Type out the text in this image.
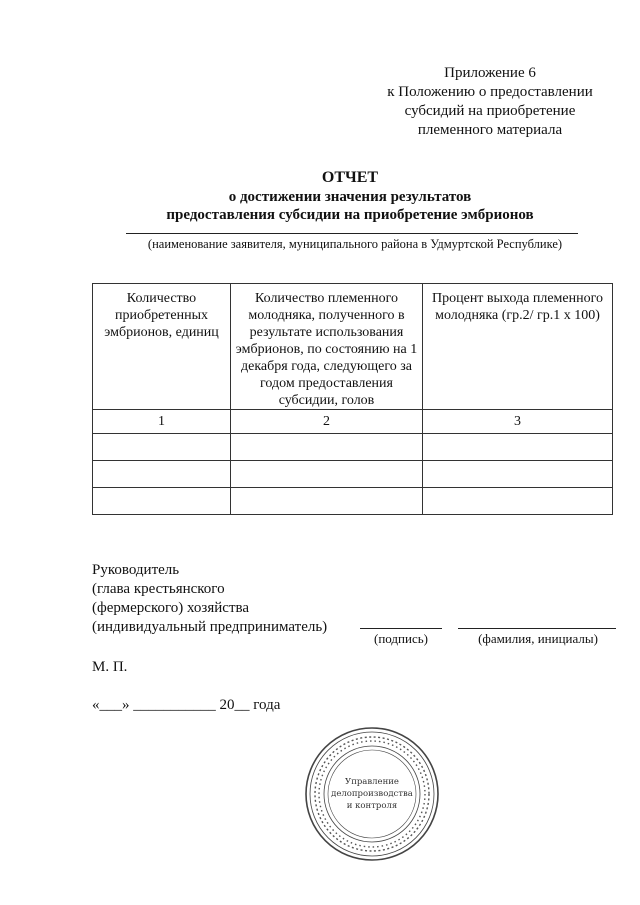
Приложение 6
к Положению о предоставлении
субсидий на приобретение
племенного материала
ОТЧЕТ
о достижении значения результатов
предоставления субсидии на приобретение эмбрионов
(наименование заявителя, муниципального района в Удмуртской Республике)
Количество приобретенных эмбрионов, единиц	Количество племенного молодняка, полученного в результате использования эмбрионов, по состоянию на 1 декабря года, следующего за годом предоставления субсидии, голов	Процент выхода племенного молодняка (гр.2/ гр.1 х 100)
1	2	3

Руководитель
(глава крестьянского
(фермерского) хозяйства
(индивидуальный предприниматель)
(подпись)	(фамилия, инициалы)
М. П.
«___» ___________ 20__ года
Управление
делопроизводства
и контроля
